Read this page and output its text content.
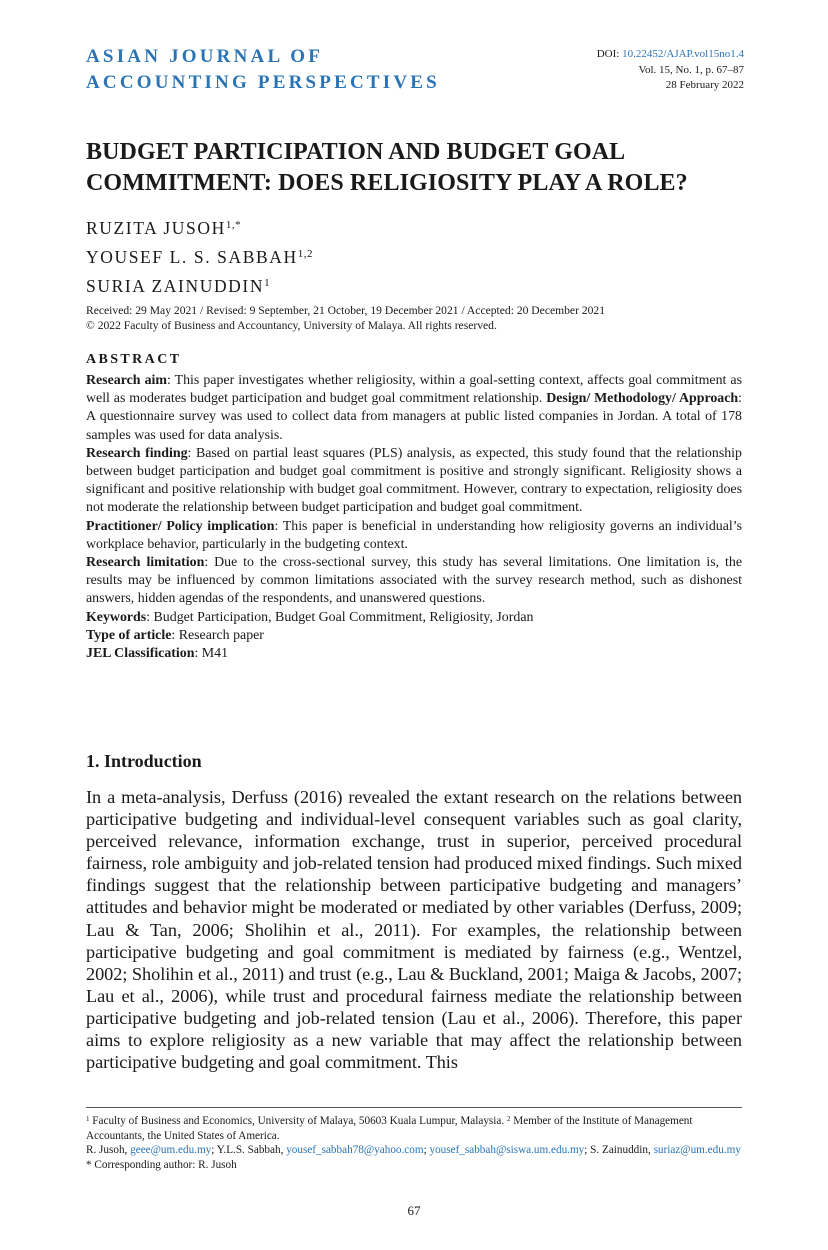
ASIAN JOURNAL OF
ACCOUNTING PERSPECTIVES
DOI: 10.22452/AJAP.vol15no1.4
Vol. 15, No. 1, p. 67–87
28 February 2022
BUDGET PARTICIPATION AND BUDGET GOAL
COMMITMENT: DOES RELIGIOSITY PLAY A ROLE?
RUZITA $JUSOH^{1,*}$
YOUSEF L. S. SABBAH$^{1,2}$
SURIA ZAINUDDIN$^1$
Received: 29 May 2021 / Revised: 9 September, 21 October, 19 December 2021 / Accepted: 20 December 2021
© 2022 Faculty of Business and Accountancy, University of Malaya. All rights reserved.
ABSTRACT

Research aim: This paper investigates whether religiosity, within a goal-setting context, affects goal commitment as well as moderates budget participation and budget goal commitment relationship. Design/ Methodology/ Approach: A questionnaire survey was used to collect data from managers at public listed companies in Jordan. A total of 178 samples was used for data analysis.

Research finding: Based on partial least squares (PLS) analysis, as expected, this study found that the relationship between budget participation and budget goal commitment is positive and strongly significant. Religiosity shows a significant and positive relationship with budget goal commitment. However, contrary to expectation, religiosity does not moderate the relationship between budget participation and budget goal commitment.

Practitioner/ Policy implication: This paper is beneficial in understanding how religiosity governs an individual’s workplace behavior, particularly in the budgeting context.

Research limitation: Due to the cross-sectional survey, this study has several limitations. One limitation is, the results may be influenced by common limitations associated with the survey research method, such as dishonest answers, hidden agendas of the respondents, and unanswered questions.

Keywords: Budget Participation, Budget Goal Commitment, Religiosity, Jordan

Type of article: Research paper

JEL Classification: M41

1. Introduction

In a meta-analysis, Derfuss (2016) revealed the extant research on the relations between participative budgeting and individual-level consequent variables such as goal clarity, perceived relevance, information exchange, trust in superior, perceived procedural fairness, role ambiguity and job-related tension had produced mixed findings. Such mixed findings suggest that the relationship between participative budgeting and managers’ attitudes and behavior might be moderated or mediated by other variables (Derfuss, 2009; Lau & Tan, 2006; Sholihin et al., 2011). For examples, the relationship between participative budgeting and goal commitment is mediated by fairness (e.g., Wentzel, 2002; Sholihin et al., 2011) and trust (e.g., Lau & Buckland, 2001; Maiga & Jacobs, 2007; Lau et al., 2006), while trust and procedural fairness mediate the relationship between participative budgeting and job-related tension (Lau et al., 2006). Therefore, this paper aims to explore religiosity as a new variable that may affect the relationship between participative budgeting and goal commitment. This

$^1$ Faculty of Business and Economics, University of Malaya, 50603 Kuala Lumpur, Malaysia. $^2$ Member of the Institute of Management Accountants, the United States of America.
R. Jusoh, geee@um.edu.my; Y.L.S. Sabbah, yousef_sabbah78@yahoo.com; yousef_sabbah@siswa.um.edu.my; S. Zainuddin, suriaz@um.edu.my
* Corresponding author: R. Jusoh
67
